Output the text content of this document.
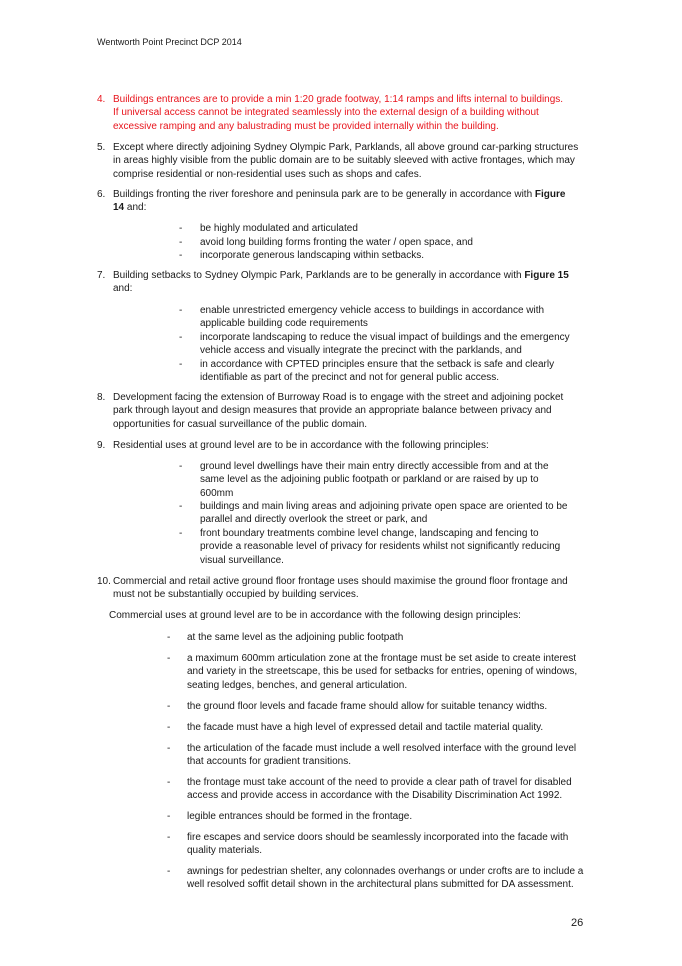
Wentworth Point Precinct DCP 2014
4. Buildings entrances are to provide a min 1:20 grade footway, 1:14 ramps and lifts internal to buildings.
If universal access cannot be integrated seamlessly into the external design of a building without
excessive ramping and any balustrading must be provided internally within the building.
5. Except where directly adjoining Sydney Olympic Park, Parklands, all above ground car-parking structures
in areas highly visible from the public domain are to be suitably sleeved with active frontages, which may
comprise residential or non-residential uses such as shops and cafes.
6. Buildings fronting the river foreshore and peninsula park are to be generally in accordance with Figure
14 and:
- be highly modulated and articulated
- avoid long building forms fronting the water / open space, and
- incorporate generous landscaping within setbacks.
7. Building setbacks to Sydney Olympic Park, Parklands are to be generally in accordance with Figure 15
and:
- enable unrestricted emergency vehicle access to buildings in accordance with
applicable building code requirements
- incorporate landscaping to reduce the visual impact of buildings and the emergency
vehicle access and visually integrate the precinct with the parklands, and
- in accordance with CPTED principles ensure that the setback is safe and clearly
identifiable as part of the precinct and not for general public access.
8. Development facing the extension of Burroway Road is to engage with the street and adjoining pocket
park through layout and design measures that provide an appropriate balance between privacy and
opportunities for casual surveillance of the public domain.
9. Residential uses at ground level are to be in accordance with the following principles:
- ground level dwellings have their main entry directly accessible from and at the
same level as the adjoining public footpath or parkland or are raised by up to
600mm
- buildings and main living areas and adjoining private open space are oriented to be
parallel and directly overlook the street or park, and
- front boundary treatments combine level change, landscaping and fencing to
provide a reasonable level of privacy for residents whilst not significantly reducing
visual surveillance.
10. Commercial and retail active ground floor frontage uses should maximise the ground floor frontage and
must not be substantially occupied by building services.
Commercial uses at ground level are to be in accordance with the following design principles:
- at the same level as the adjoining public footpath
- a maximum 600mm articulation zone at the frontage must be set aside to create interest
and variety in the streetscape, this be used for setbacks for entries, opening of windows,
seating ledges, benches, and general articulation.
- the ground floor levels and facade frame should allow for suitable tenancy widths.
- the facade must have a high level of expressed detail and tactile material quality.
- the articulation of the facade must include a well resolved interface with the ground level
that accounts for gradient transitions.
- the frontage must take account of the need to provide a clear path of travel for disabled
access and provide access in accordance with the Disability Discrimination Act 1992.
- legible entrances should be formed in the frontage.
- fire escapes and service doors should be seamlessly incorporated into the facade with
quality materials.
- awnings for pedestrian shelter, any colonnades overhangs or under crofts are to include a
well resolved soffit detail shown in the architectural plans submitted for DA assessment.
26
